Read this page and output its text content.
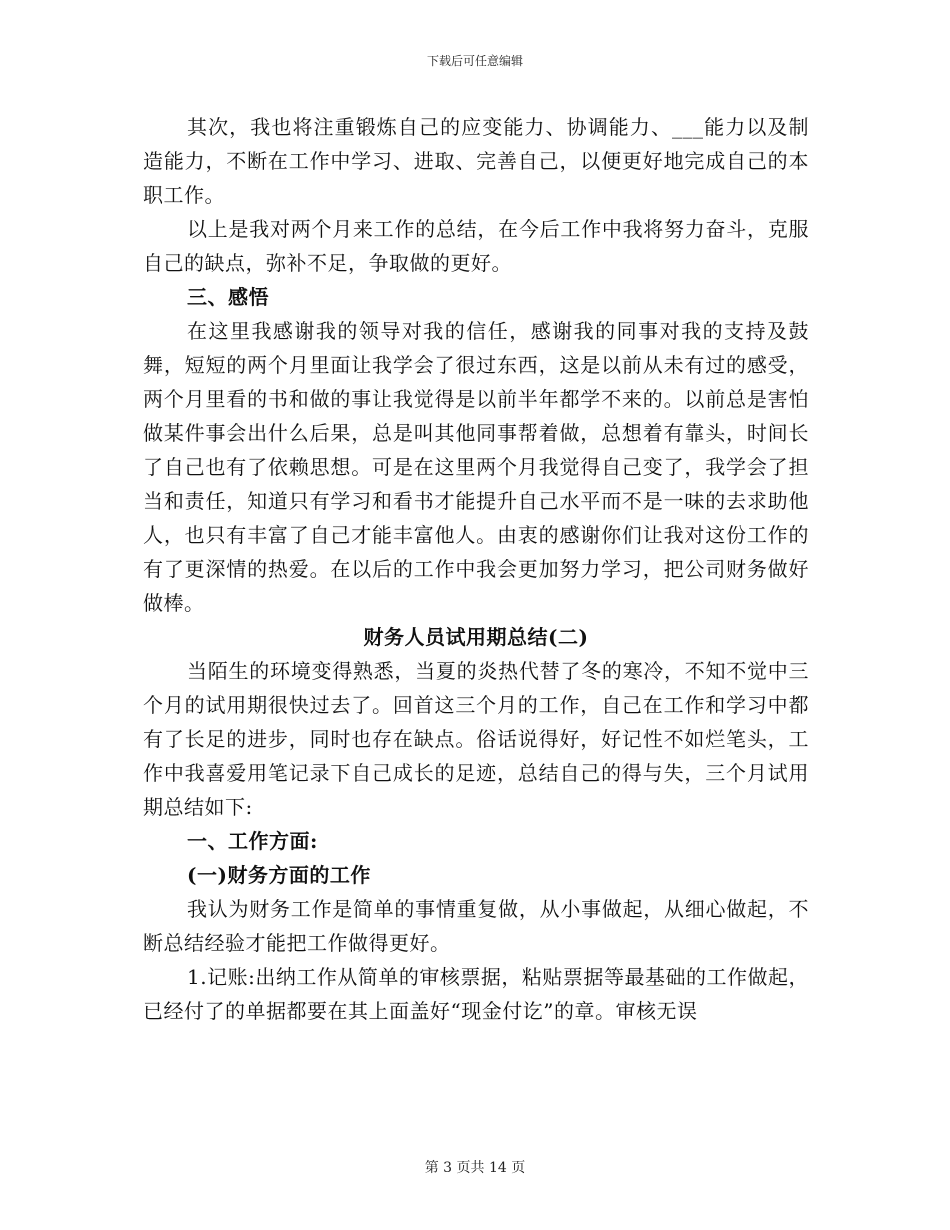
下载后可任意编辑

其次，我也将注重锻炼自己的应变能力、协调能力、___能力以及制造能力，不断在工作中学习、进取、完善自己，以便更好地完成自己的本职工作。

以上是我对两个月来工作的总结，在今后工作中我将努力奋斗，克服自己的缺点，弥补不足，争取做的更好。

三、感悟

在这里我感谢我的领导对我的信任，感谢我的同事对我的支持及鼓舞，短短的两个月里面让我学会了很过东西，这是以前从未有过的感受，两个月里看的书和做的事让我觉得是以前半年都学不来的。以前总是害怕做某件事会出什么后果，总是叫其他同事帮着做，总想着有靠头，时间长了自己也有了依赖思想。可是在这里两个月我觉得自己变了，我学会了担当和责任，知道只有学习和看书才能提升自己水平而不是一味的去求助他人，也只有丰富了自己才能丰富他人。由衷的感谢你们让我对这份工作的有了更深情的热爱。在以后的工作中我会更加努力学习，把公司财务做好做棒。

财务人员试用期总结(二)

当陌生的环境变得熟悉，当夏的炎热代替了冬的寒冷，不知不觉中三个月的试用期很快过去了。回首这三个月的工作，自己在工作和学习中都有了长足的进步，同时也存在缺点。俗话说得好，好记性不如烂笔头，工作中我喜爱用笔记录下自己成长的足迹，总结自己的得与失，三个月试用期总结如下:

一、工作方面:

(一)财务方面的工作

我认为财务工作是简单的事情重复做，从小事做起，从细心做起，不断总结经验才能把工作做得更好。

1.记账:出纳工作从简单的审核票据，粘贴票据等最基础的工作做起，已经付了的单据都要在其上面盖好“现金付讫”的章。审核无误

第 3 页共 14 页
